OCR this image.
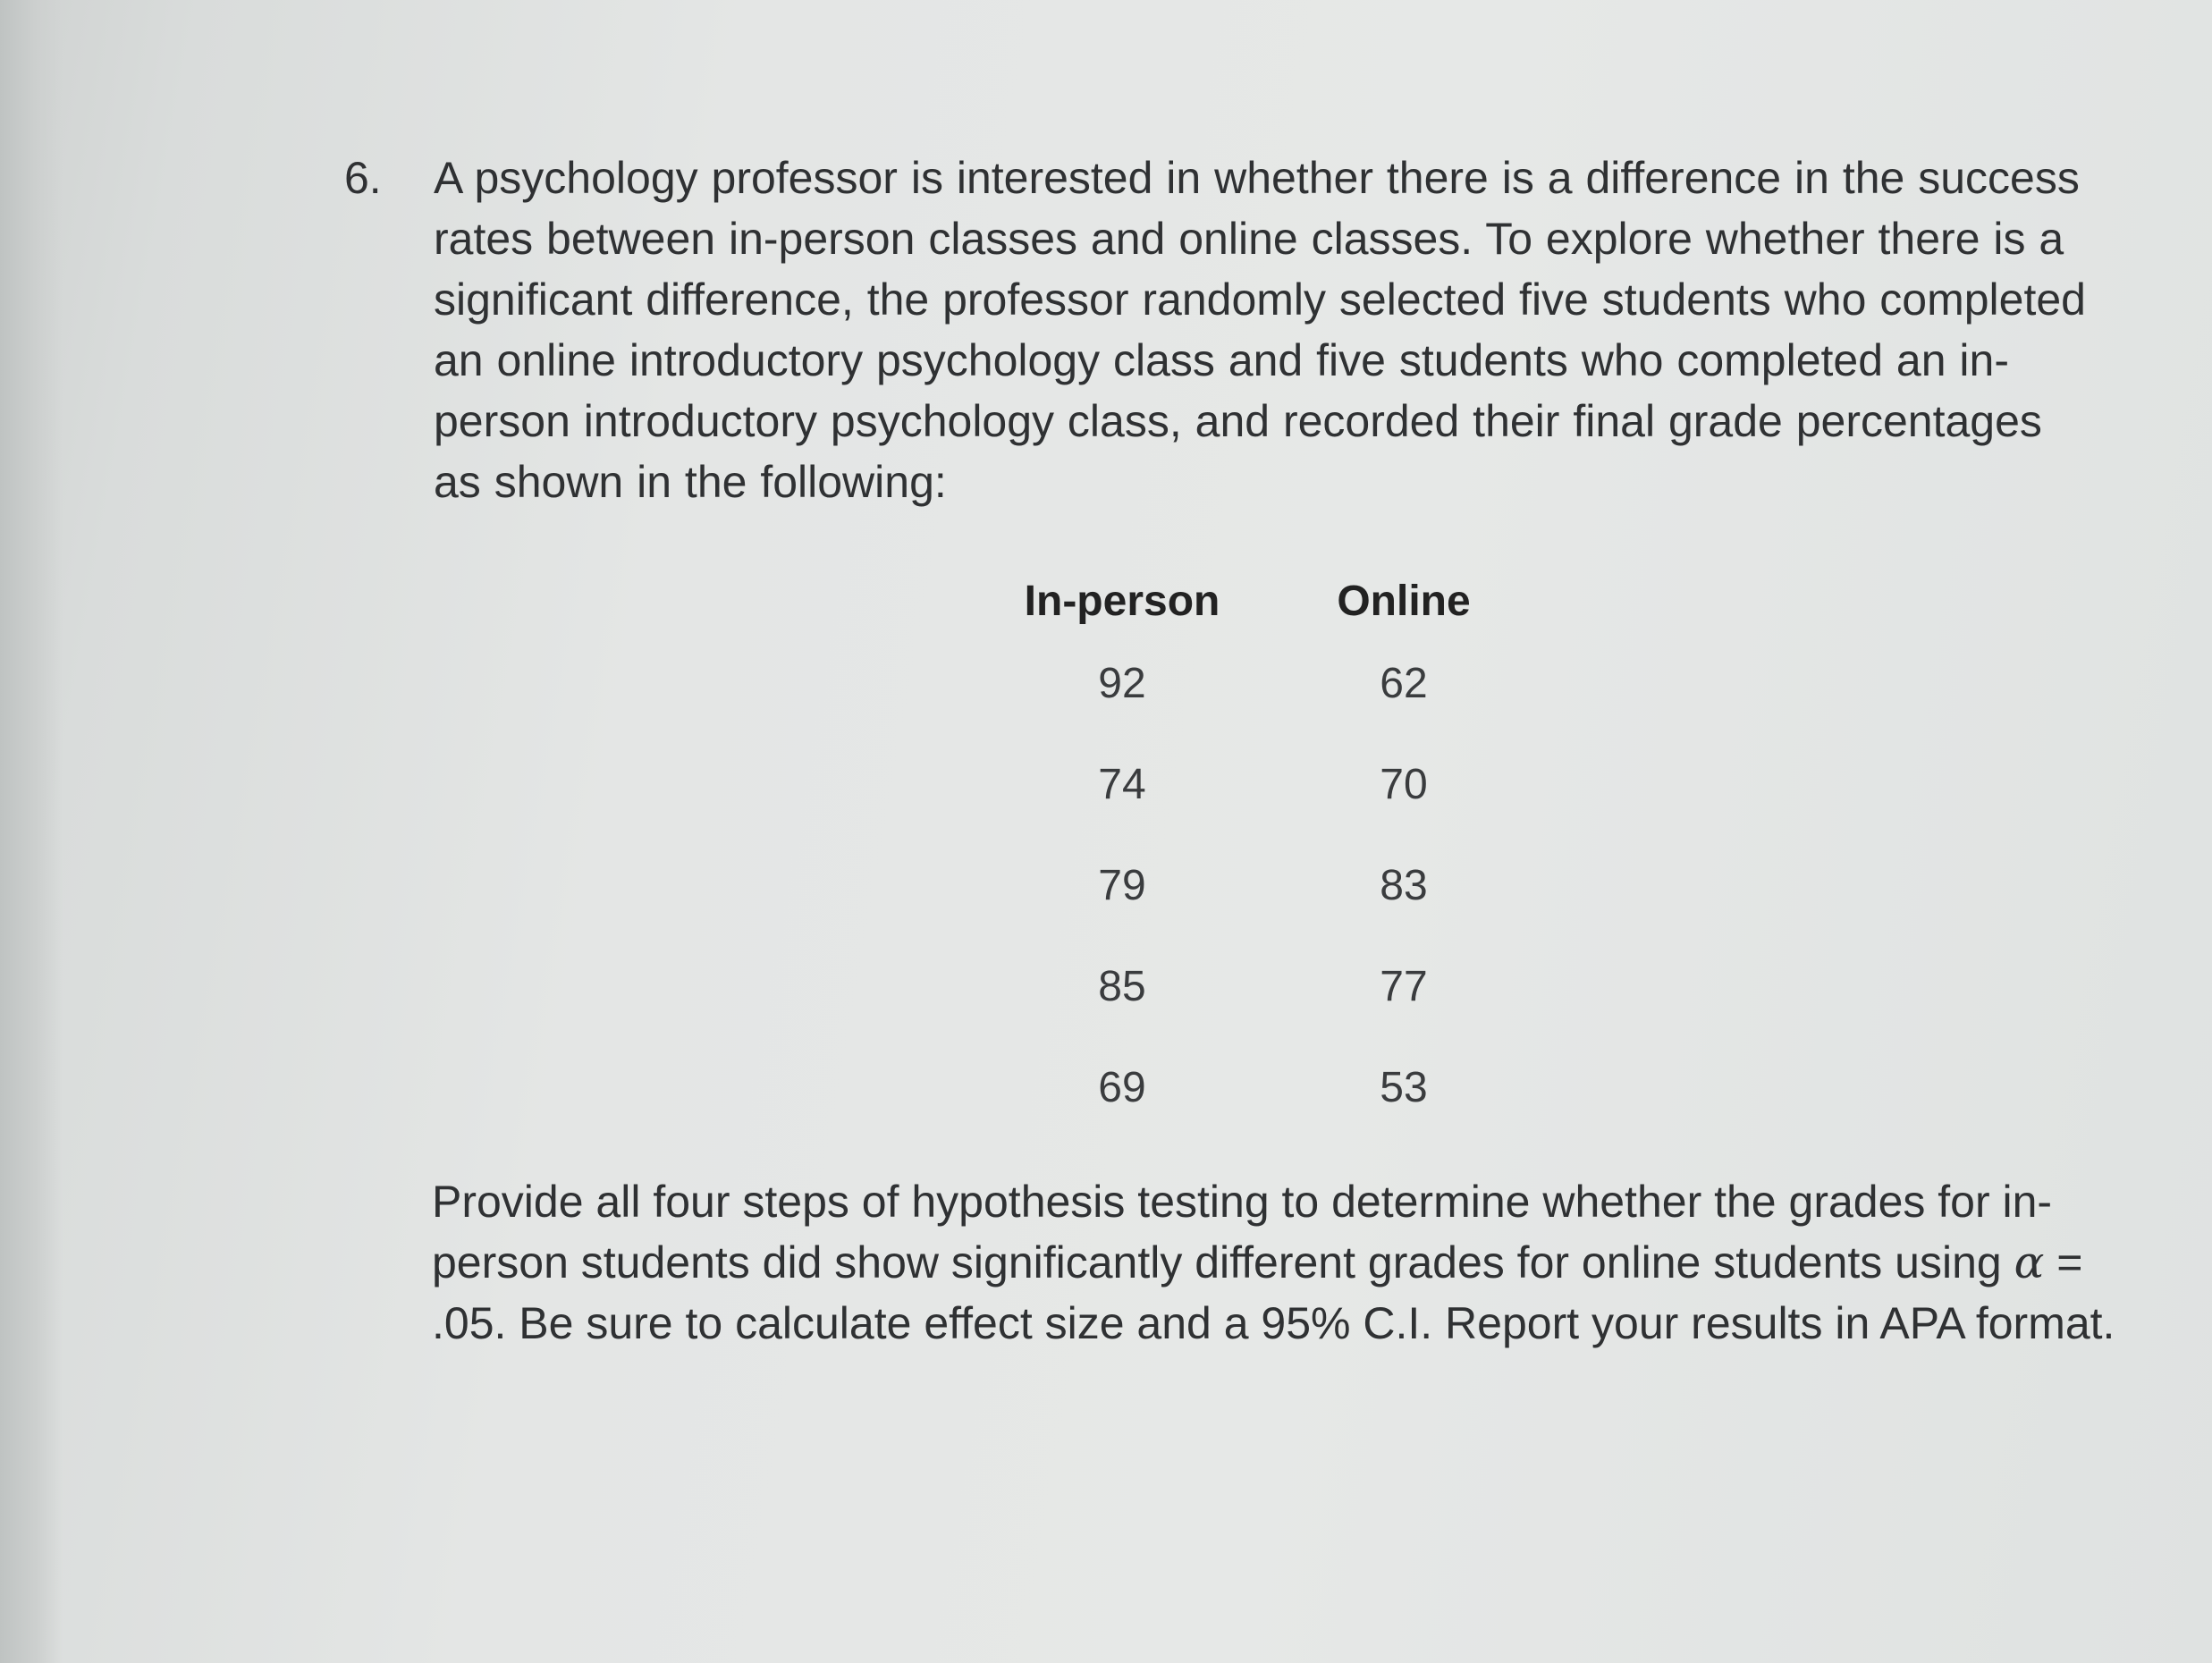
6.	A psychology professor is interested in whether there is a difference in the success rates between in-person classes and online classes. To explore whether there is a significant difference, the professor randomly selected five students who completed an online introductory psychology class and five students who completed an in-person introductory psychology class, and recorded their final grade percentages as shown in the following:
In-person	Online
92	62
74	70
79	83
85	77
69	53
Provide all four steps of hypothesis testing to determine whether the grades for in-person students did show significantly different grades for online students using α = .05. Be sure to calculate effect size and a 95% C.I. Report your results in APA format.
